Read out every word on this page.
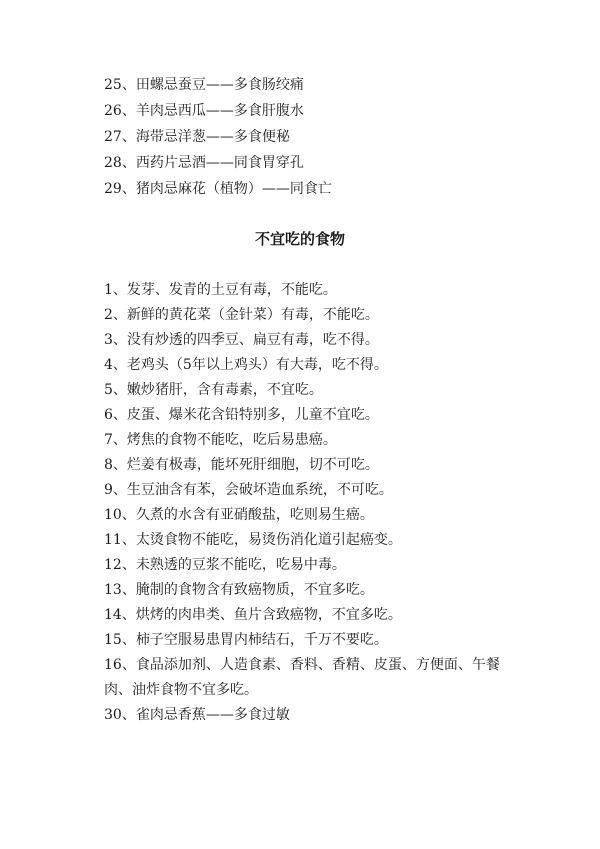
25、田螺忌蚕豆——多食肠绞痛
26、羊肉忌西瓜——多食肝腹水
27、海带忌洋葱——多食便秘
28、西药片忌酒——同食胃穿孔
29、猪肉忌麻花（植物）——同食亡
不宜吃的食物
1、发芽、发青的土豆有毒，不能吃。
2、新鲜的黄花菜（金针菜）有毒，不能吃。
3、没有炒透的四季豆、扁豆有毒，吃不得。
4、老鸡头（5年以上鸡头）有大毒，吃不得。
5、嫩炒猪肝，含有毒素，不宜吃。
6、皮蛋、爆米花含铅特别多，儿童不宜吃。
7、烤焦的食物不能吃，吃后易患癌。
8、烂姜有极毒，能坏死肝细胞，切不可吃。
9、生豆油含有苯，会破坏造血系统，不可吃。
10、久煮的水含有亚硝酸盐，吃则易生癌。
11、太烫食物不能吃，易烫伤消化道引起癌变。
12、未熟透的豆浆不能吃，吃易中毒。
13、腌制的食物含有致癌物质，不宜多吃。
14、烘烤的肉串类、鱼片含致癌物，不宜多吃。
15、柿子空服易患胃内柿结石，千万不要吃。
16、食品添加剂、人造食素、香料、香精、皮蛋、方便面、午餐肉、油炸食物不宜多吃。
30、雀肉忌香蕉——多食过敏
